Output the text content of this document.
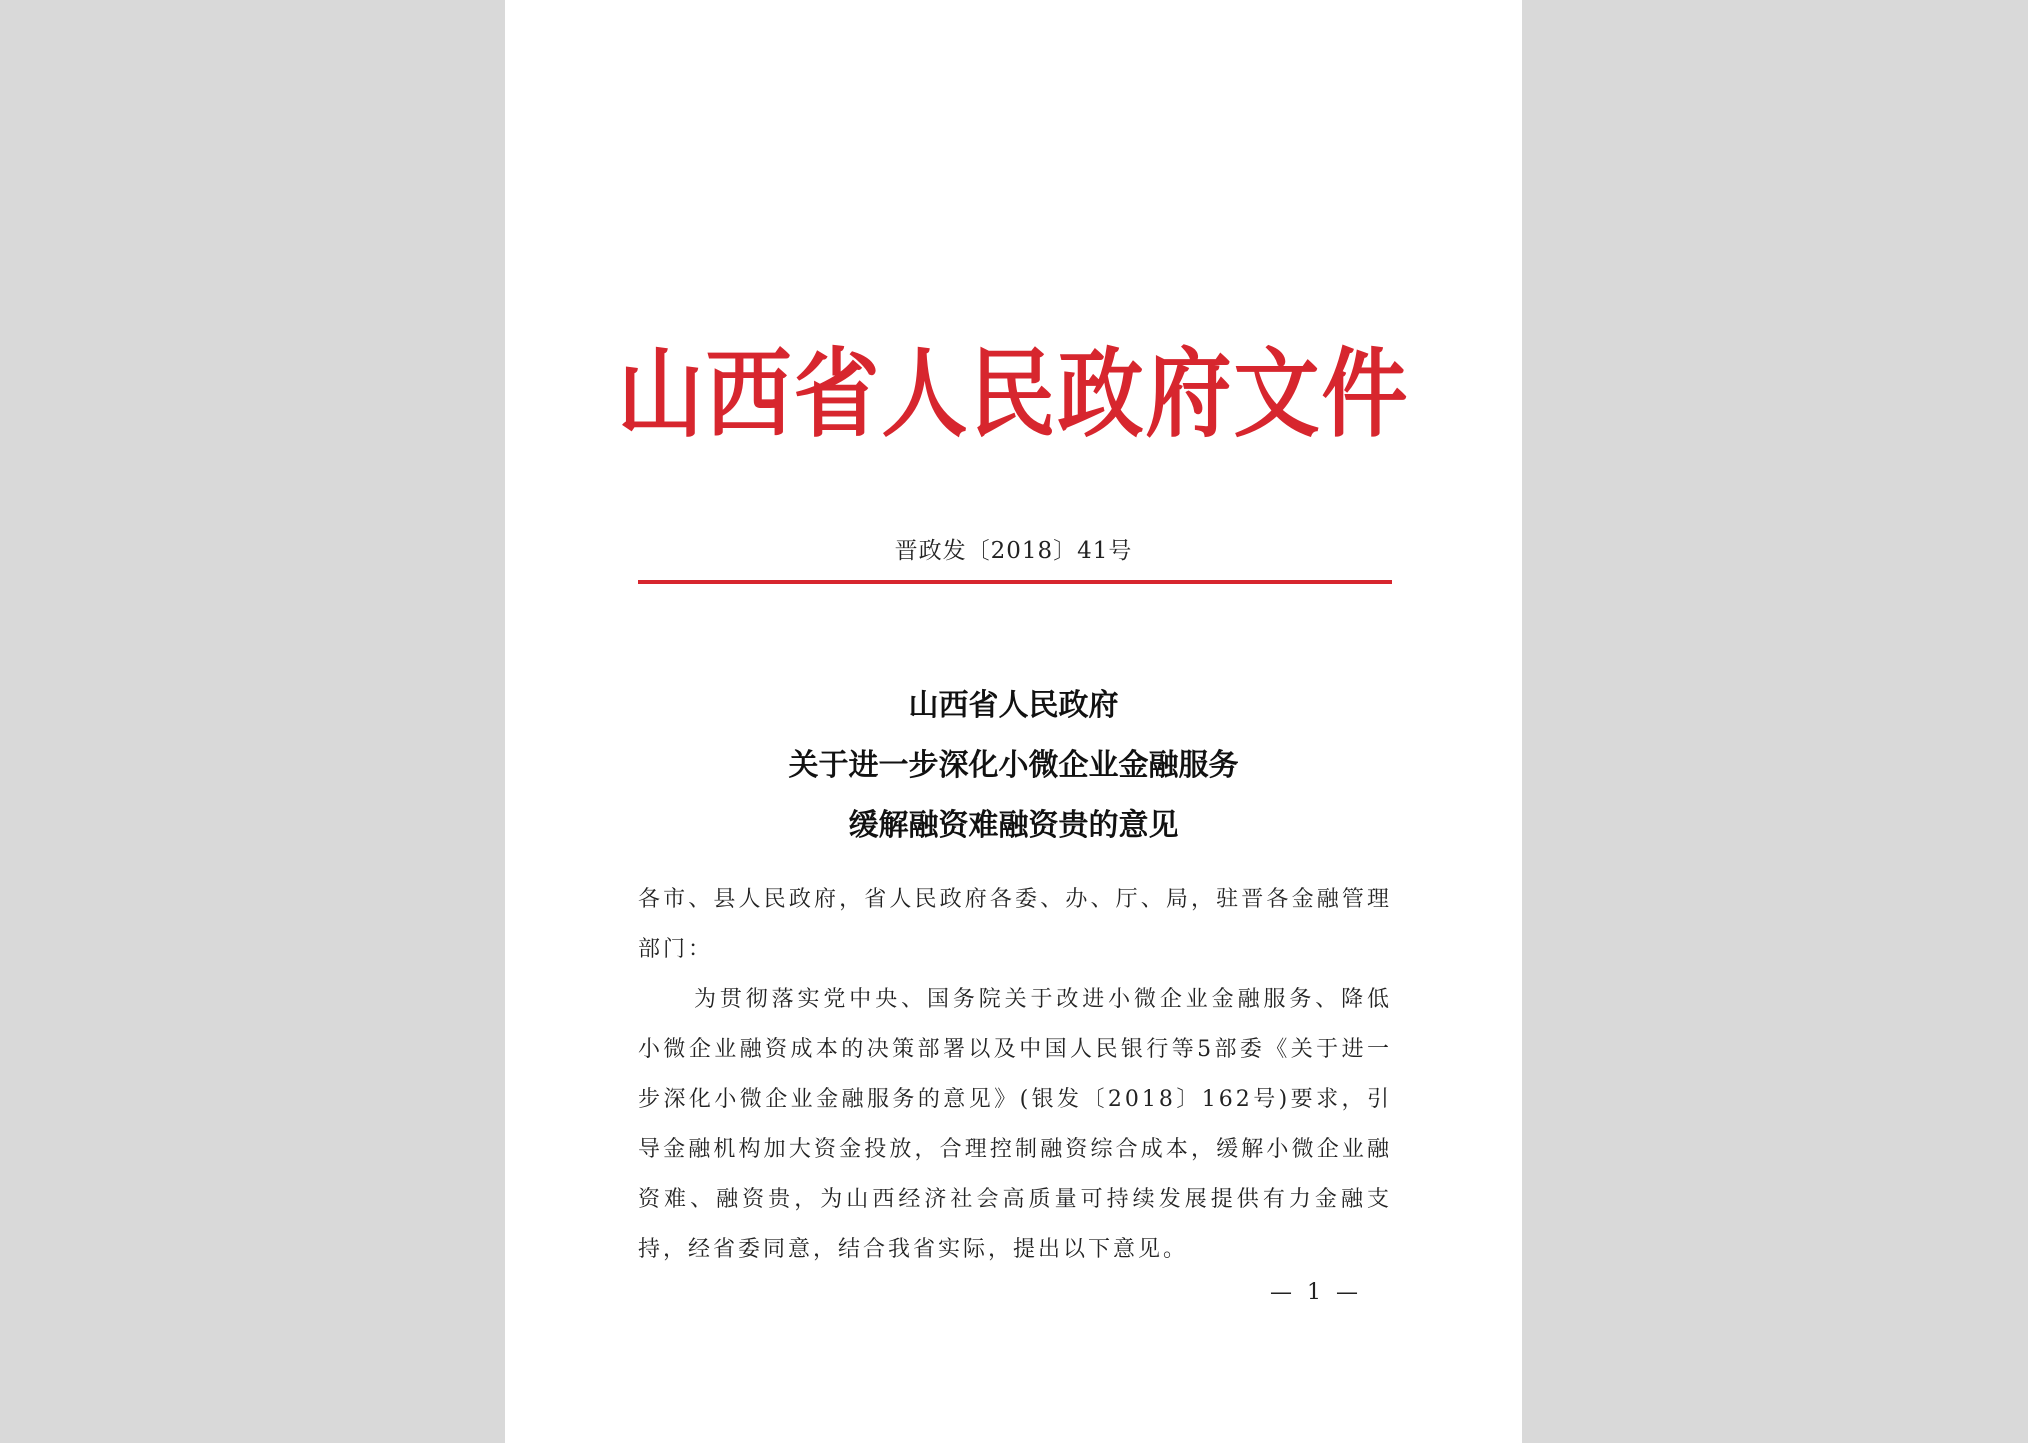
山西省人民政府文件
晋政发〔2018〕41号
山西省人民政府
关于进一步深化小微企业金融服务
缓解融资难融资贵的意见

各市、县人民政府，省人民政府各委、办、厅、局，驻晋各金融管理部门：

为贯彻落实党中央、国务院关于改进小微企业金融服务、降低小微企业融资成本的决策部署以及中国人民银行等5部委《关于进一步深化小微企业金融服务的意见》(银发〔2018〕162号)要求，引导金融机构加大资金投放，合理控制融资综合成本，缓解小微企业融资难、融资贵，为山西经济社会高质量可持续发展提供有力金融支持，经省委同意，结合我省实际，提出以下意见。

— 1 —
